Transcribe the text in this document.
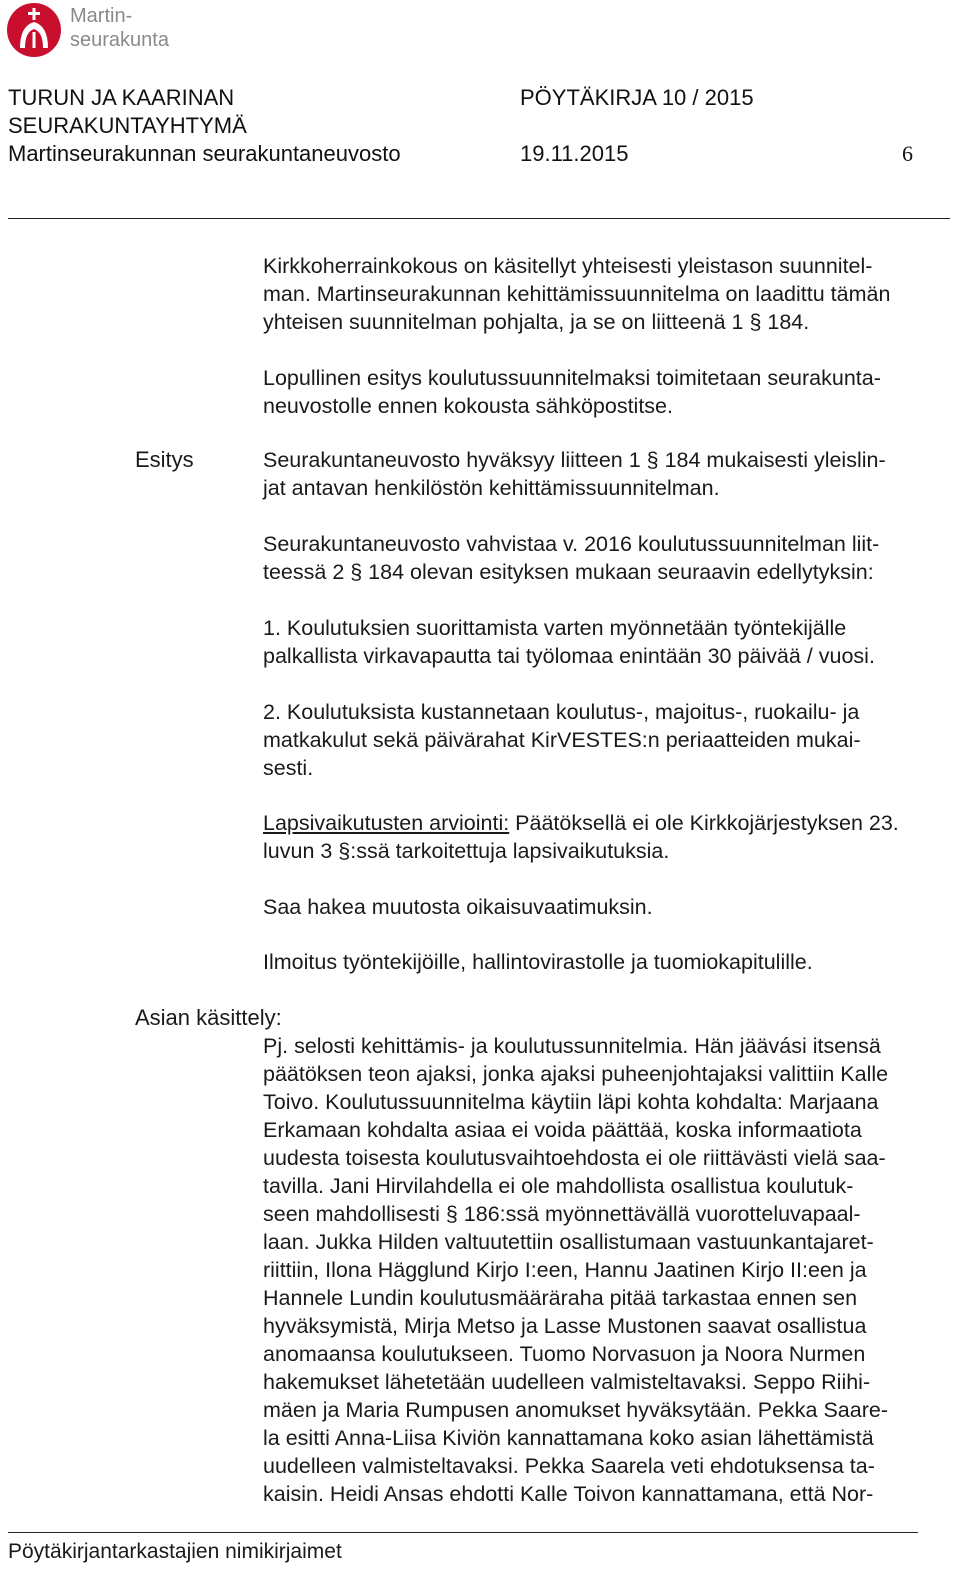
Martin-
seurakunta
TURUN JA KAARINAN
SEURAKUNTAYHTYMÄ
Martinseurakunnan seurakuntaneuvosto
PÖYTÄKIRJA 10 / 2015
19.11.2015	6
Kirkkoherrainkokous on käsitellyt yhteisesti yleistason suunnitel-
man. Martinseurakunnan kehittämissuunnitelma on laadittu tämän
yhteisen suunnitelman pohjalta, ja se on liitteenä 1 § 184.
Lopullinen esitys koulutussuunnitelmaksi toimitetaan seurakunta-
neuvostolle ennen kokousta sähköpostitse.
Esitys	Seurakuntaneuvosto hyväksyy liitteen 1 § 184 mukaisesti yleislin-
jat antavan henkilöstön kehittämissuunnitelman.
Seurakuntaneuvosto vahvistaa v. 2016 koulutussuunnitelman liit-
teessä 2 § 184 olevan esityksen mukaan seuraavin edellytyksin:
1. Koulutuksien suorittamista varten myönnetään työntekijälle
palkallista virkavapautta tai työlomaa enintään 30 päivää / vuosi.
2. Koulutuksista kustannetaan koulutus-, majoitus-, ruokailu- ja
matkakulut sekä päivärahat KirVESTES:n periaatteiden mukai-
sesti.
Lapsivaikutusten arviointi: Päätöksellä ei ole Kirkkojärjestyksen 23.
luvun 3 §:ssä tarkoitettuja lapsivaikutuksia.
Saa hakea muutosta oikaisuvaatimuksin.
Ilmoitus työntekijöille, hallintovirastolle ja tuomiokapitulille.
Asian käsittely:
Pj. selosti kehittämis- ja koulutussunnitelmia. Hän jäävási itsensä
päätöksen teon ajaksi, jonka ajaksi puheenjohtajaksi valittiin Kalle
Toivo. Koulutussuunnitelma käytiin läpi kohta kohdalta: Marjaana
Erkamaan kohdalta asiaa ei voida päättää, koska informaatiota
uudesta toisesta koulutusvaihtoehdosta ei ole riittävästi vielä saa-
tavilla. Jani Hirvilahdella ei ole mahdollista osallistua koulutuk-
seen mahdollisesti § 186:ssä myönnettävällä vuorotteluvapaal-
laan. Jukka Hilden valtuutettiin osallistumaan vastuunkantajaret-
riittiin, Ilona Hägglund Kirjo I:een, Hannu Jaatinen Kirjo II:een ja
Hannele Lundin koulutusmääräraha pitää tarkastaa ennen sen
hyväksymistä, Mirja Metso ja Lasse Mustonen saavat osallistua
anomaansa koulutukseen. Tuomo Norvasuon ja Noora Nurmen
hakemukset lähetetään uudelleen valmisteltavaksi. Seppo Riihi-
mäen ja Maria Rumpusen anomukset hyväksytään. Pekka Saare-
la esitti Anna-Liisa Kiviön kannattamana koko asian lähettämistä
uudelleen valmisteltavaksi. Pekka Saarela veti ehdotuksensa ta-
kaisin. Heidi Ansas ehdotti Kalle Toivon kannattamana, että Nor-
Pöytäkirjantarkastajien nimikirjaimet
